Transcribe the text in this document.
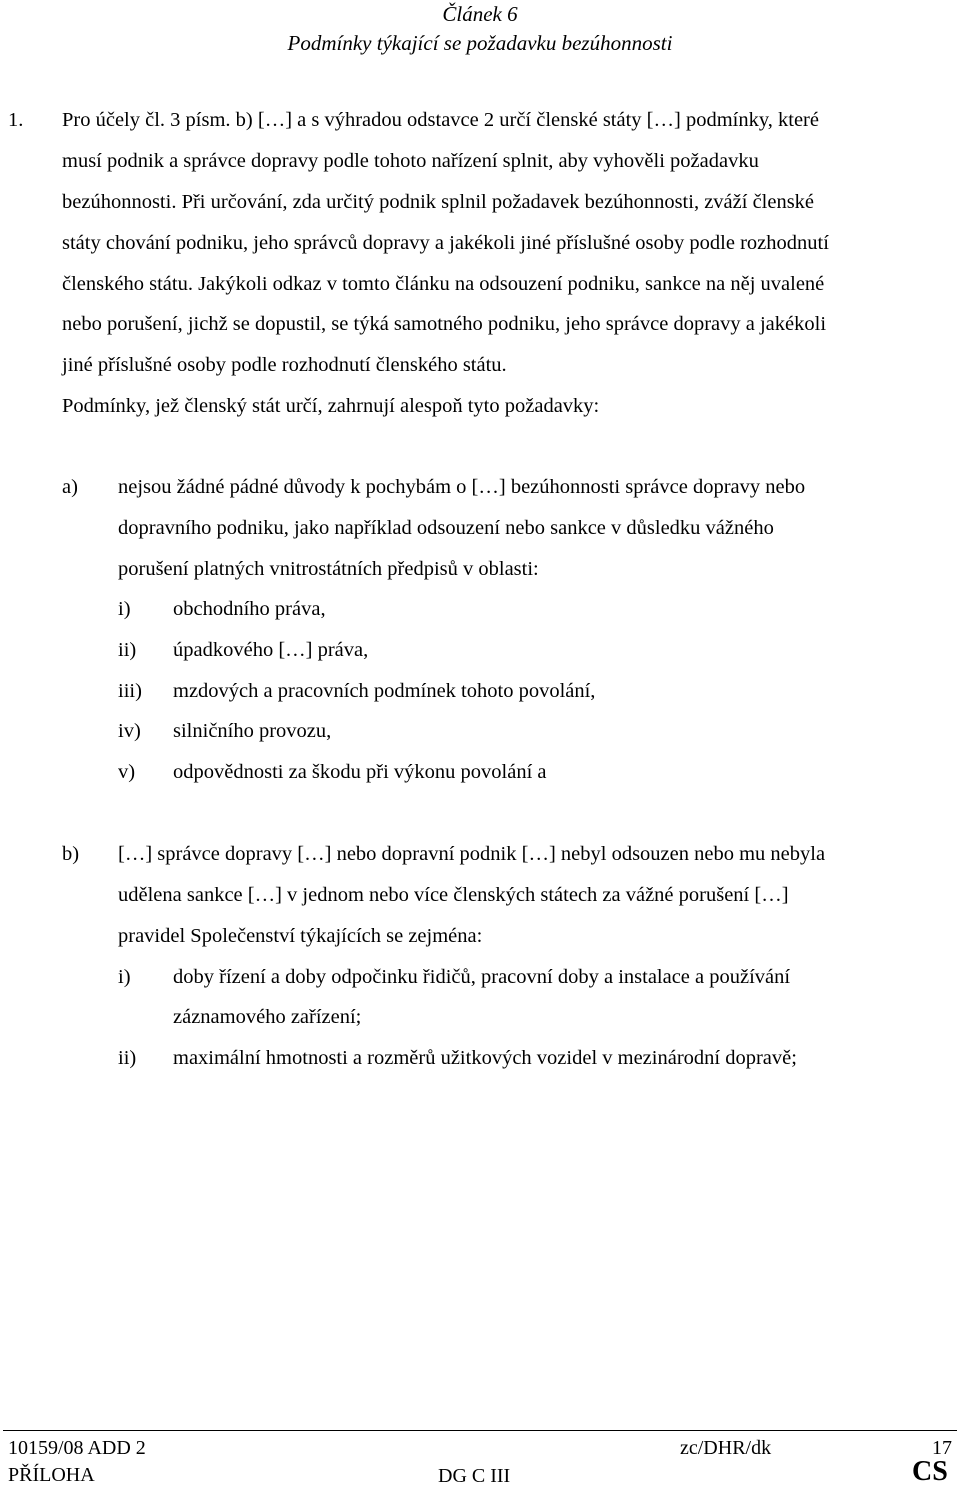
Článek 6
Podmínky týkající se požadavku bezúhonnosti
1. Pro účely čl. 3 písm. b) […] a s výhradou odstavce 2 určí členské státy […] podmínky, které
musí podnik a správce dopravy podle tohoto nařízení splnit, aby vyhověli požadavku
bezúhonnosti. Při určování, zda určitý podnik splnil požadavek bezúhonnosti, zváží členské
státy chování podniku, jeho správců dopravy a jakékoli jiné příslušné osoby podle rozhodnutí
členského státu. Jakýkoli odkaz v tomto článku na odsouzení podniku, sankce na něj uvalené
nebo porušení, jichž se dopustil, se týká samotného podniku, jeho správce dopravy a jakékoli
jiné příslušné osoby podle rozhodnutí členského státu.
Podmínky, jež členský stát určí, zahrnují alespoň tyto požadavky:
a) nejsou žádné pádné důvody k pochybám o […] bezúhonnosti správce dopravy nebo
dopravního podniku, jako například odsouzení nebo sankce v důsledku vážného
porušení platných vnitrostátních předpisů v oblasti:
i) obchodního práva,
ii) úpadkového […] práva,
iii) mzdových a pracovních podmínek tohoto povolání,
iv) silničního provozu,
v) odpovědnosti za škodu při výkonu povolání a
b) […] správce dopravy […] nebo dopravní podnik […] nebyl odsouzen nebo mu nebyla
udělena sankce […] v jednom nebo více členských státech za vážné porušení […]
pravidel Společenství týkajících se zejména:
i) doby řízení a doby odpočinku řidičů, pracovní doby a instalace a používání
záznamového zařízení;
ii) maximální hmotnosti a rozměrů užitkových vozidel v mezinárodní dopravě;
10159/08 ADD 2	zc/DHR/dk	17
PŘÍLOHA	DG C III	CS
